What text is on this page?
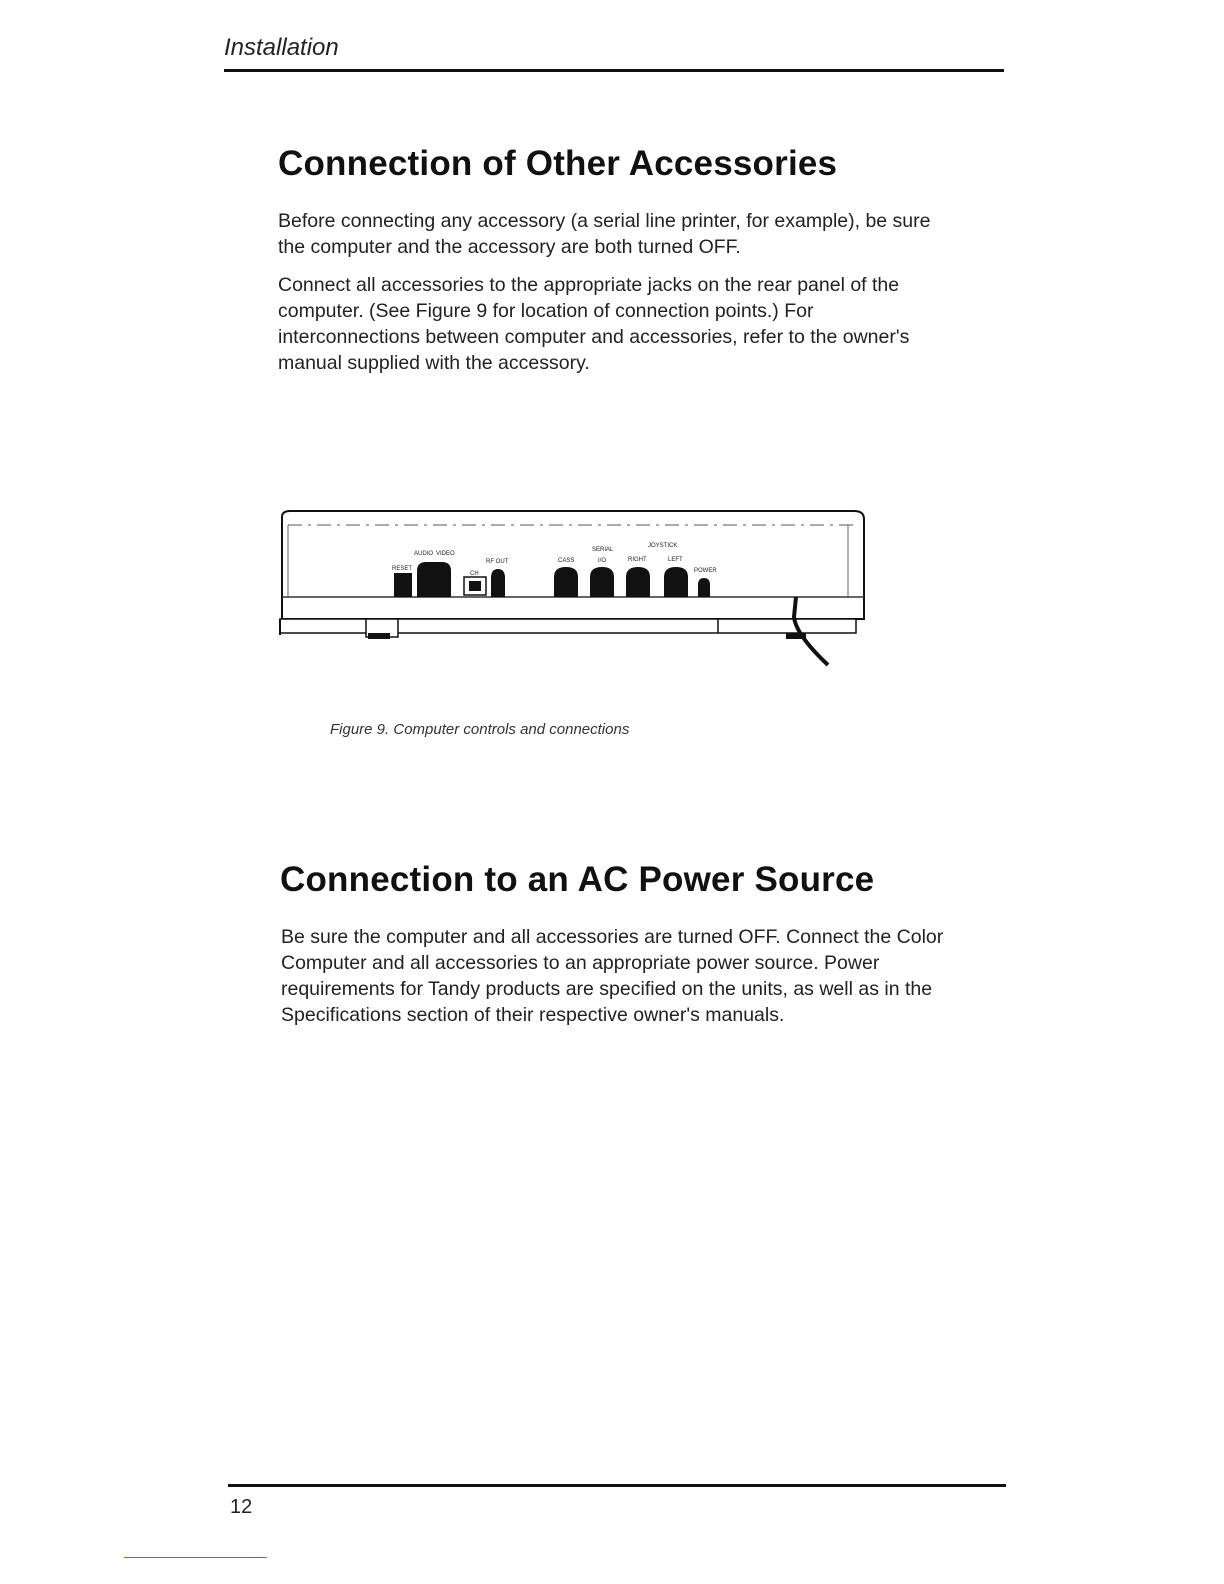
Installation
Connection of Other Accessories

Before connecting any accessory (a serial line printer, for example), be sure the computer and the accessory are both turned OFF.

Connect all accessories to the appropriate jacks on the rear panel of the computer. (See Figure 9 for location of connection points.) For interconnections between computer and accessories, refer to the owner's manual supplied with the accessory.

AUDIO VIDEO
RESET
CH
RF OUT	CASS
SERIAL
I/O
JOYSTICK
RIGHT	LEFT
POWER
Figure 9. Computer controls and connections
Connection to an AC Power Source

Be sure the computer and all accessories are turned OFF. Connect the Color Computer and all accessories to an appropriate power source. Power requirements for Tandy products are specified on the units, as well as in the Specifications section of their respective owner's manuals.

12
